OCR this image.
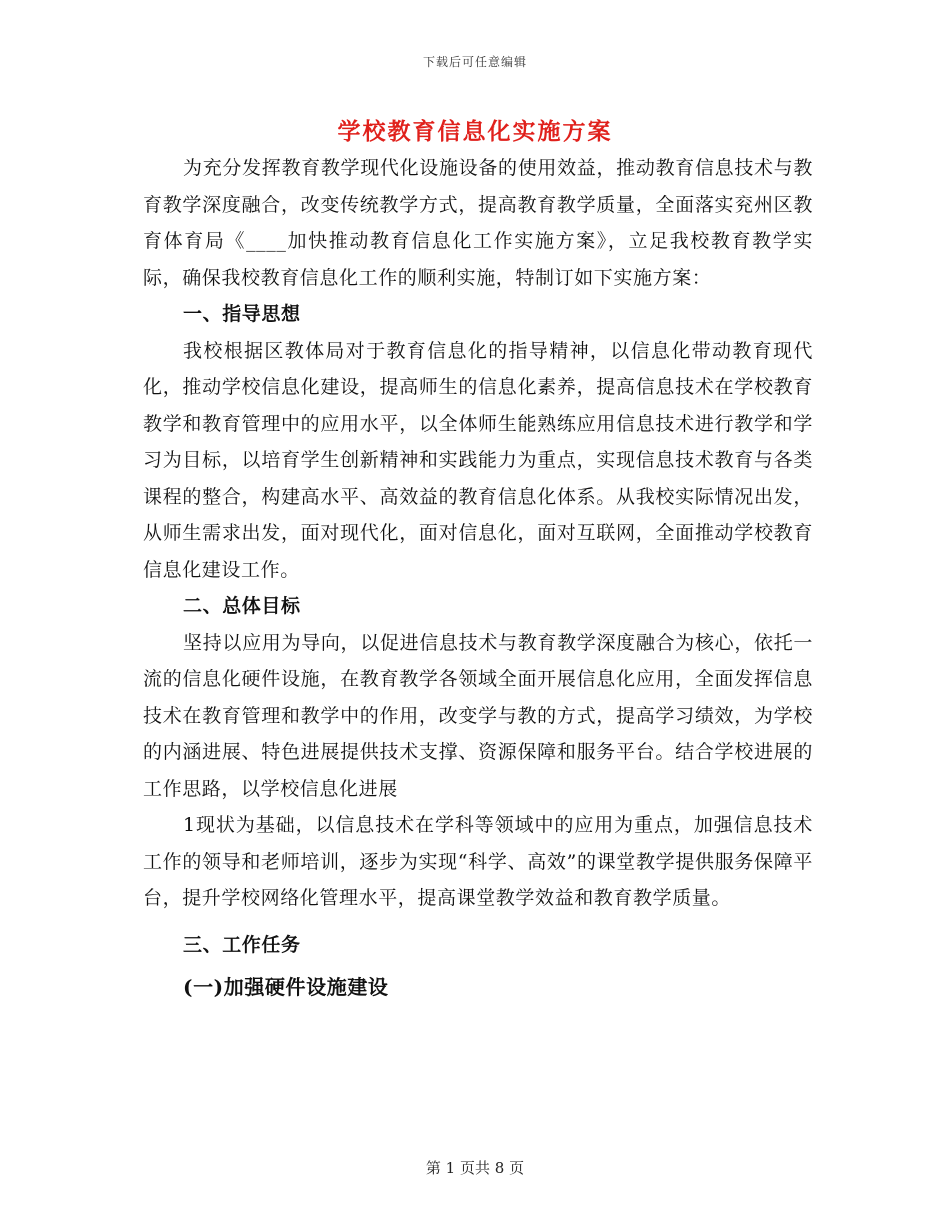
下载后可任意编辑
学校教育信息化实施方案

为充分发挥教育教学现代化设施设备的使用效益，推动教育信息技术与教育教学深度融合，改变传统教学方式，提高教育教学质量，全面落实兖州区教育体育局《____加快推动教育信息化工作实施方案》，立足我校教育教学实际，确保我校教育信息化工作的顺利实施，特制订如下实施方案：

一、指导思想

我校根据区教体局对于教育信息化的指导精神，以信息化带动教育现代化，推动学校信息化建设，提高师生的信息化素养，提高信息技术在学校教育教学和教育管理中的应用水平，以全体师生能熟练应用信息技术进行教学和学习为目标，以培育学生创新精神和实践能力为重点，实现信息技术教育与各类课程的整合，构建高水平、高效益的教育信息化体系。从我校实际情况出发，从师生需求出发，面对现代化，面对信息化，面对互联网，全面推动学校教育信息化建设工作。

二、总体目标

坚持以应用为导向，以促进信息技术与教育教学深度融合为核心，依托一流的信息化硬件设施，在教育教学各领域全面开展信息化应用，全面发挥信息技术在教育管理和教学中的作用，改变学与教的方式，提高学习绩效，为学校的内涵进展、特色进展提供技术支撑、资源保障和服务平台。结合学校进展的工作思路，以学校信息化进展

1现状为基础，以信息技术在学科等领域中的应用为重点，加强信息技术工作的领导和老师培训，逐步为实现“科学、高效”的课堂教学提供服务保障平台，提升学校网络化管理水平，提高课堂教学效益和教育教学质量。

三、工作任务
(一)加强硬件设施建设
第 1 页共 8 页
